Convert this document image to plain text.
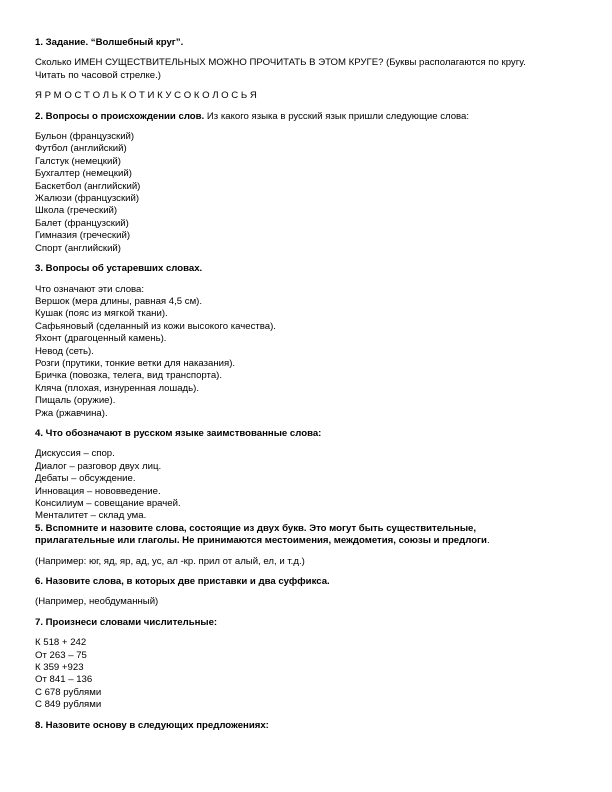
1. Задание. “Волшебный круг”.

Сколько ИМЕН СУЩЕСТВИТЕЛЬНЫХ МОЖНО ПРОЧИТАТЬ В ЭТОМ КРУГЕ? (Буквы располагаются по кругу.

Читать по часовой стрелке.)

Я Р М О С Т О Л Ь К О Т И К У С О К О Л О С Ь Я

2. Вопросы о происхождении слов. Из какого языка в русский язык пришли следующие слова:

Бульон (французский)
Футбол (английский)
Галстук (немецкий)
Бухгалтер (немецкий)
Баскетбол (английский)
Жалюзи (французский)
Школа (греческий)
Балет (французский)
Гимназия (греческий)
Спорт (английский)

3. Вопросы об устаревших словах.

Что означают эти слова:

Вершок (мера длины, равная 4,5 см).
Кушак (пояс из мягкой ткани).
Сафьяновый (сделанный из кожи высокого качества).
Яхонт (драгоценный камень).
Невод (сеть).
Розги (прутики, тонкие ветки для наказания).
Бричка (повозка, телега, вид транспорта).
Кляча (плохая, изнуренная лошадь).
Пищаль (оружие).
Ржа (ржавчина).

4. Что обозначают в русском языке заимствованные слова:

Дискуссия – спор.
Диалог – разговор двух лиц.
Дебаты – обсуждение.
Инновация – нововведение.
Консилиум – совещание врачей.
Менталитет – склад ума.

5. Вспомните и назовите слова, состоящие из двух букв. Это могут быть существительные,

прилагательные или глаголы. Не принимаются местоимения, междометия, союзы и предлоги.

(Например: юг, яд, яр, ад, ус, ал -кр. прил от алый, ел, и т.д.)

6. Назовите слова, в которых две приставки и два суффикса.

(Например, необдуманный)

7. Произнеси словами числительные:

К 518 + 242
От 263 – 75
К 359 +923
От 841 – 136
С 678 рублями
С 849 рублями

8. Назовите основу в следующих предложениях:
